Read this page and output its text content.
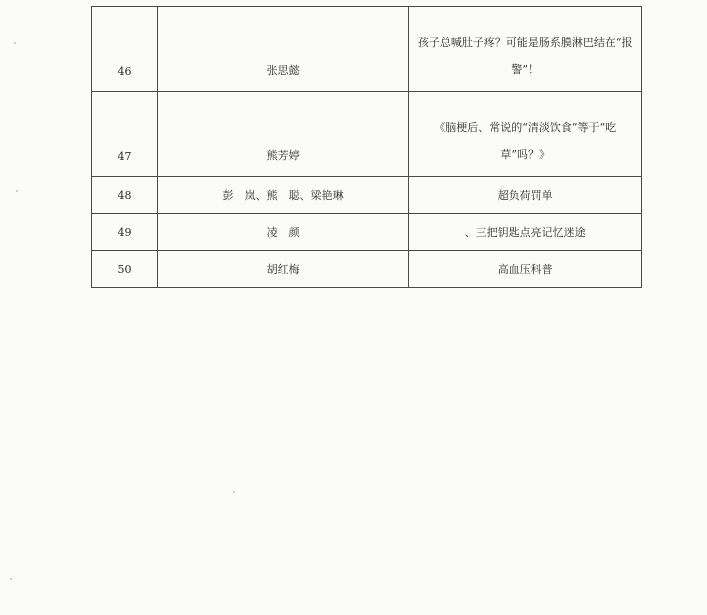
46	张思懿	孩子总喊肚子疼？可能是肠系膜淋巴结在“报警”！

47	熊芳婷	《脑梗后、常说的“清淡饮食”等于“吃草”吗？》

48	彭　岚、熊　聪、梁艳琳	超负荷罚单
49	凌　颜	、三把钥匙点亮记忆迷途
50	胡红梅	高血压科普
